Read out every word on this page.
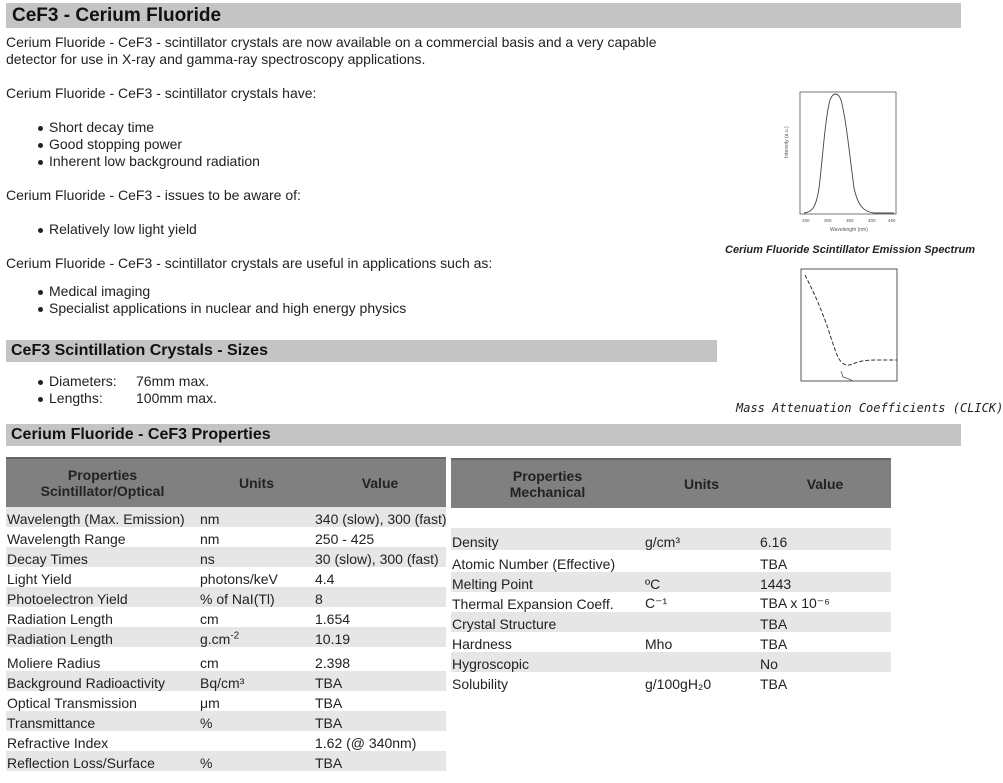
CeF3 - Cerium Fluoride
Cerium Fluoride - CeF3 - scintillator crystals are now available on a commercial basis and a very capable detector for use in X-ray and gamma-ray spectroscopy applications.
Cerium Fluoride - CeF3 - scintillator crystals have:
Short decay time
Good stopping power
Inherent low background radiation
Cerium Fluoride - CeF3 - issues to be aware of:
Relatively low light yield
Cerium Fluoride - CeF3 - scintillator crystals are useful in applications such as:
Medical imaging
Specialist applications in nuclear and high energy physics
CeF3 Scintillation Crystals - Sizes
Diameters: 76mm max.
Lengths: 100mm max.
Intensity (a.u.)
250	300	350	400	450
Wavelength (nm)
Cerium Fluoride Scintillator Emission Spectrum
Mass Attenuation Coefficients (CLICK)
Cerium Fluoride - CeF3 Properties
Properties
Scintillator/Optical	Units	Value
Wavelength (Max. Emission)	nm	340 (slow), 300 (fast)
Wavelength Range	nm	250 - 425
Decay Times	ns	30 (slow), 300 (fast)
Light Yield	photons/keV	4.4
Photoelectron Yield	% of NaI(Tl)	8
Radiation Length	cm	1.654
Radiation Length	$g.cm^{-2}$	10.19
Moliere Radius	cm	2.398
Background Radioactivity	Bq/cm³	TBA
Optical Transmission	μm	TBA
Transmittance	%	TBA
Refractive Index		1.62 (@ 340nm)
Reflection Loss/Surface	%	TBA
Properties
Mechanical	Units	Value

Density	g/cm³	6.16
Atomic Number (Effective)		TBA
Melting Point	ºC	1443
Thermal Expansion Coeff.	C⁻¹	TBA x 10⁻⁶
Crystal Structure		TBA
Hardness	Mho	TBA
Hygroscopic		No
Solubility	g/100gH₂0	TBA
